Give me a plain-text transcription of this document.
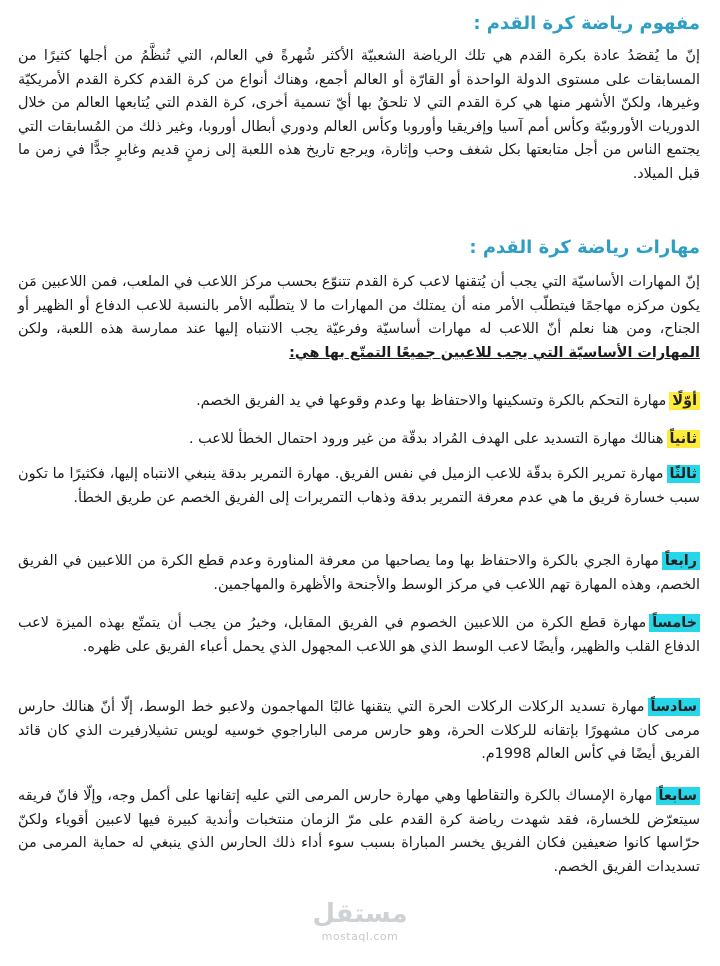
مفهوم رياضة كرة القدم :

إنّ ما يُقصَدُ عادة بكرة القدم هي تلك الرياضة الشعبيّة الأكثر شُهرةً في العالم، التي تُنظَّمُ من أجلها كثيرًا من المسابقات على مستوى الدولة الواحدة أو القارّة أو العالم أجمع، وهناك أنواع من كرة القدم ككرة القدم الأمريكيّة وغيرها، ولكنّ الأشهر منها هي كرة القدم التي لا تلحقُ بها أيّ تسمية أخرى، كرة القدم التي يُتابعها العالم من خلال الدوريات الأوروبيّة وكأس أمم آسيا وإفريقيا وأوروبا وكأس العالم ودوري أبطال أوروبا، وغير ذلك من المُسابقات التي يجتمع الناس من أجل متابعتها بكل شغف وحب وإثارة، ويرجع تاريخ هذه اللعبة إلى زمنٍ قديم وغابرٍ جدًّا في زمن ما قبل الميلاد.

مهارات رياضة كرة القدم :

إنّ المهارات الأساسيّة التي يجب أن يُتقنها لاعب كرة القدم تتنوّع بحسب مركز اللاعب في الملعب، فمن اللاعبين مَن يكون مركزه مهاجمًا فيتطلّب الأمر منه أن يمتلك من المهارات ما لا يتطلّبه الأمر بالنسبة للاعب الدفاع أو الظهير أو الجناح، ومن هنا نعلم أنّ اللاعب له مهارات أساسيّة وفرعيّة يجب الانتباه إليها عند ممارسة هذه اللعبة، ولكن المهارات الأساسيّة التي يجب للاعبين جميعًا التمتّع بها هي:

أوّلًامهارة التحكم بالكرة وتسكينها والاحتفاظ بها وعدم وقوعها في يد الفريق الخصم.

ثانياًهنالك مهارة التسديد على الهدف المُراد بدقّة من غير ورود احتمال الخطأ للاعب .

ثالثًامهارة تمرير الكرة بدقّة للاعب الزميل في نفس الفريق. مهارة التمرير بدقة ينبغي الانتباه إليها، فكثيرًا ما تكون سبب خسارة فريق ما هي عدم معرفة التمرير بدقة وذهاب التمريرات إلى الفريق الخصم عن طريق الخطأ.

رابعاًمهارة الجري بالكرة والاحتفاظ بها وما يصاحبها من معرفة المناورة وعدم قطع الكرة من اللاعبين في الفريق الخصم، وهذه المهارة تهم اللاعب في مركز الوسط والأجنحة والأظهرة والمهاجمين.

خامساًمهارة قطع الكرة من اللاعبين الخصوم في الفريق المقابل، وخيرُ من يجب أن يتمتّع بهذه الميزة لاعب الدفاع القلب والظهير، وأيضًا لاعب الوسط الذي هو اللاعب المجهول الذي يحمل أعباء الفريق على ظهره.

سادساًمهارة تسديد الركلات الركلات الحرة التي يتقنها غالبًا المهاجمون ولاعبو خط الوسط، إلّا أنّ هنالك حارس مرمى كان مشهورًا بإتقانه للركلات الحرة، وهو حارس مرمى الباراجوي خوسيه لويس تشيلارفيرت الذي كان قائد الفريق أيضًا في كأس العالم 1998م.

سابعاًمهارة الإمساك بالكرة والتقاطها وهي مهارة حارس المرمى التي عليه إتقانها على أكمل وجه، وإلّا فانّ فريقه سيتعرّض للخسارة، فقد شهدت رياضة كرة القدم على مرّ الزمان منتخبات وأندية كبيرة فيها لاعبين أقوياء ولكنّ حرّاسها كانوا ضعيفين فكان الفريق يخسر المباراة بسبب سوء أداء ذلك الحارس الذي ينبغي له حماية المرمى من تسديدات الفريق الخصم.

مستقل
mostaql.com
